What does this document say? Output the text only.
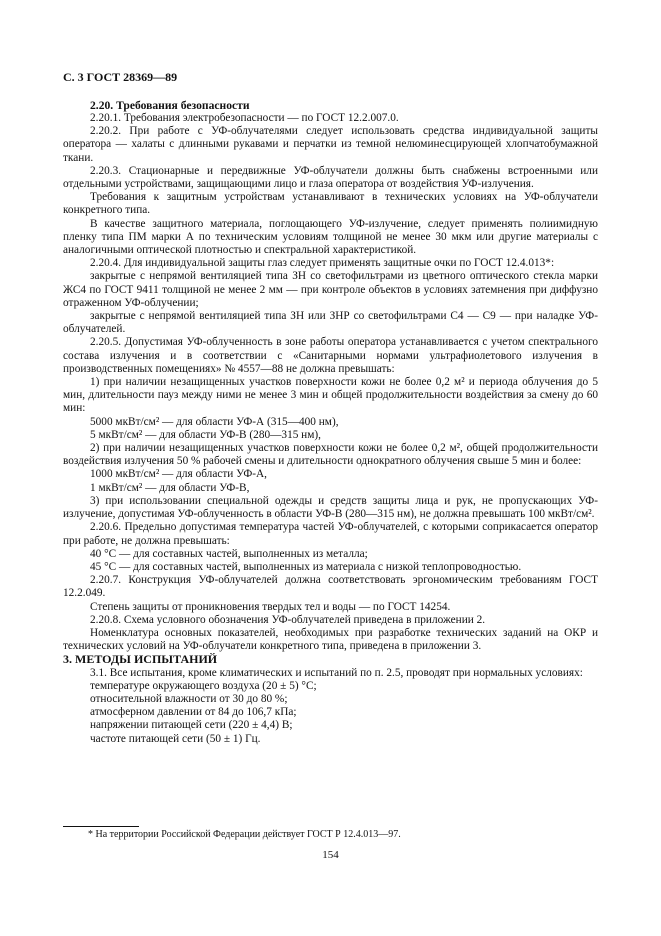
С. 3 ГОСТ 28369—89

2.20. Требования безопасности

2.20.1. Требования электробезопасности — по ГОСТ 12.2.007.0.

2.20.2. При работе с УФ-облучателями следует использовать средства индивидуальной защиты оператора — халаты с длинными рукавами и перчатки из темной нелюминесцирующей хлопчатобумажной ткани.

2.20.3. Стационарные и передвижные УФ-облучатели должны быть снабжены встроенными или отдельными устройствами, защищающими лицо и глаза оператора от воздействия УФ-излучения.

Требования к защитным устройствам устанавливают в технических условиях на УФ-облучатели конкретного типа.

В качестве защитного материала, поглощающего УФ-излучение, следует применять полиимидную пленку типа ПМ марки А по техническим условиям толщиной не менее 30 мкм или другие материалы с аналогичными оптической плотностью и спектральной характеристикой.

2.20.4. Для индивидуальной защиты глаз следует применять защитные очки по ГОСТ 12.4.013*:

закрытые с непрямой вентиляцией типа ЗН со светофильтрами из цветного оптического стекла марки ЖС4 по ГОСТ 9411 толщиной не менее 2 мм — при контроле объектов в условиях затемнения при диффузно отраженном УФ-облучении;

закрытые с непрямой вентиляцией типа ЗН или ЗНР со светофильтрами С4 — С9 — при наладке УФ-облучателей.

2.20.5. Допустимая УФ-облученность в зоне работы оператора устанавливается с учетом спектрального состава излучения и в соответствии с «Санитарными нормами ультрафиолетового излучения в производственных помещениях» № 4557—88 не должна превышать:

1) при наличии незащищенных участков поверхности кожи не более 0,2 м² и периода облучения до 5 мин, длительности пауз между ними не менее 3 мин и общей продолжительности воздействия за смену до 60 мин:

5000 мкВт/см² — для области УФ-А (315—400 нм),

5 мкВт/см² — для области УФ-В (280—315 нм),

2) при наличии незащищенных участков поверхности кожи не более 0,2 м², общей продолжительности воздействия излучения 50 % рабочей смены и длительности однократного облучения свыше 5 мин и более:

1000 мкВт/см² — для области УФ-А,

1 мкВт/см² — для области УФ-В,

3) при использовании специальной одежды и средств защиты лица и рук, не пропускающих УФ-излучение, допустимая УФ-облученность в области УФ-В (280—315 нм), не должна превышать 100 мкВт/см².

2.20.6. Предельно допустимая температура частей УФ-облучателей, с которыми соприкасается оператор при работе, не должна превышать:

40 °С — для составных частей, выполненных из металла;

45 °С — для составных частей, выполненных из материала с низкой теплопроводностью.

2.20.7. Конструкция УФ-облучателей должна соответствовать эргономическим требованиям ГОСТ 12.2.049.

Степень защиты от проникновения твердых тел и воды — по ГОСТ 14254.

2.20.8. Схема условного обозначения УФ-облучателей приведена в приложении 2.

Номенклатура основных показателей, необходимых при разработке технических заданий на ОКР и технических условий на УФ-облучатели конкретного типа, приведена в приложении 3.

3. МЕТОДЫ ИСПЫТАНИЙ

3.1. Все испытания, кроме климатических и испытаний по п. 2.5, проводят при нормальных условиях:

температуре окружающего воздуха (20 ± 5) °С;

относительной влажности от 30 до 80 %;

атмосферном давлении от 84 до 106,7 кПа;

напряжении питающей сети (220 ± 4,4) В;

частоте питающей сети (50 ± 1) Гц.

* На территории Российской Федерации действует ГОСТ Р 12.4.013—97.
154
